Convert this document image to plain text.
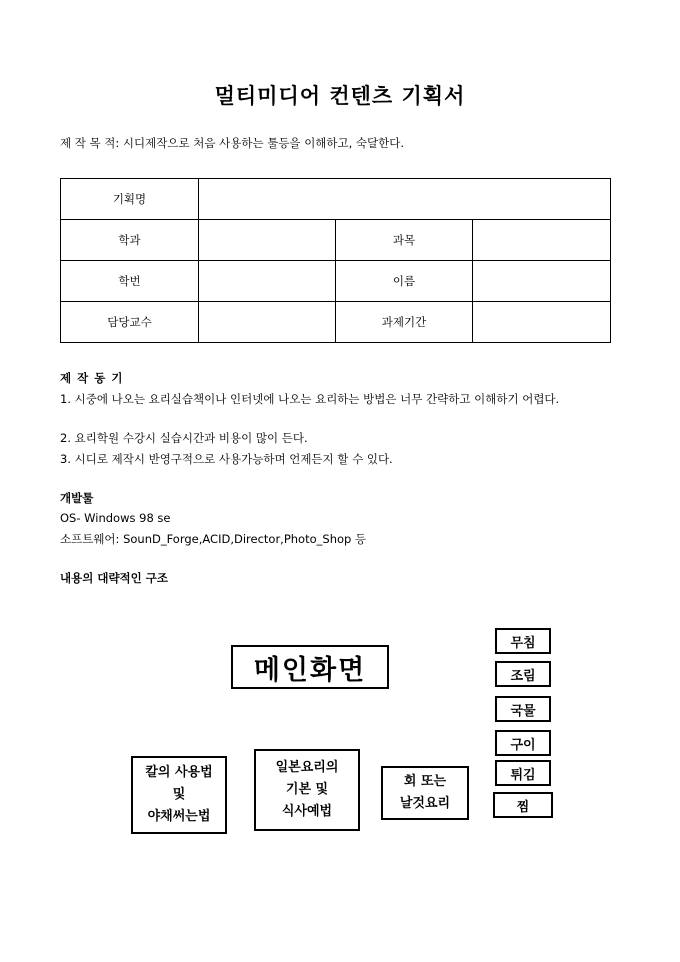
멀티미디어 컨텐츠 기획서
제 작 목 적: 시디제작으로 처음 사용하는 툴등을 이해하고, 숙달한다.
기획명			
학과		과목	
학번		이름	
담당교수		과제기간	
제 작 동 기
1. 시중에 나오는 요리실습책이나 인터넷에 나오는 요리하는 방법은 너무 간략하고 이해하기 어렵다.
2. 요리학원 수강시 실습시간과 비용이 많이 든다.
3. 시디로 제작시 반영구적으로 사용가능하며 언제든지 할 수 있다.
개발툴
OS- Windows 98 se
소프트웨어: SounD_Forge,ACID,Director,Photo_Shop 등
내용의 대략적인 구조
메인화면
칼의 사용법
및
야채써는법
일본요리의
기본 및
식사예법
회 또는
날것요리
무침
조림
국물
구이
튀김
찜
